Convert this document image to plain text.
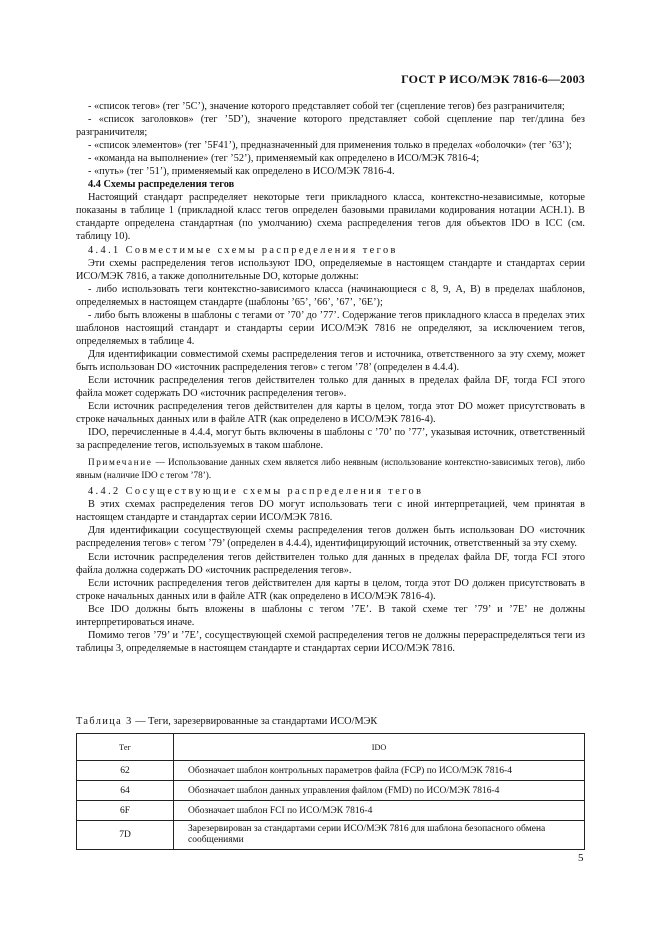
ГОСТ Р ИСО/МЭК 7816-6—2003

- «список тегов» (тег ’5C’), значение которого представляет собой тег (сцепление тегов) без разграничителя;

- «список заголовков» (тег ’5D’), значение которого представляет собой сцепление пар тег/длина без разграничителя;

- «список элементов» (тег ’5F41’), предназначенный для применения только в пределах «оболочки» (тег ’63’);

- «команда на выполнение» (тег ’52’), применяемый как определено в ИСО/МЭК 7816-4;

- «путь» (тег ’51’), применяемый как определено в ИСО/МЭК 7816-4.

4.4 Схемы распределения тегов

Настоящий стандарт распределяет некоторые теги прикладного класса, контекстно-независимые, которые показаны в таблице 1 (прикладной класс тегов определен базовыми правилами кодирования нотации АСН.1). В стандарте определена стандартная (по умолчанию) схема распределения тегов для объектов IDO в ICC (см. таблицу 10).

4.4.1 Совместимые схемы распределения тегов

Эти схемы распределения тегов используют IDO, определяемые в настоящем стандарте и стандартах серии ИСО/МЭК 7816, а также дополнительные DO, которые должны:

- либо использовать теги контекстно-зависимого класса (начинающиеся с 8, 9, A, B) в пределах шаблонов, определяемых в настоящем стандарте (шаблоны ’65’, ’66’, ’67’, ’6E’);

- либо быть вложены в шаблоны с тегами от ’70’ до ’77’. Содержание тегов прикладного класса в пределах этих шаблонов настоящий стандарт и стандарты серии ИСО/МЭК 7816 не определяют, за исключением тегов, определяемых в таблице 4.

Для идентификации совместимой схемы распределения тегов и источника, ответственного за эту схему, может быть использован DO «источник распределения тегов» с тегом ’78’ (определен в 4.4.4).

Если источник распределения тегов действителен только для данных в пределах файла DF, тогда FCI этого файла может содержать DO «источник распределения тегов».

Если источник распределения тегов действителен для карты в целом, тогда этот DO может присутствовать в строке начальных данных или в файле ATR (как определено в ИСО/МЭК 7816-4).

IDO, перечисленные в 4.4.4, могут быть включены в шаблоны с ’70’ по ’77’, указывая источник, ответственный за распределение тегов, используемых в таком шаблоне.

Примечание — Использование данных схем является либо неявным (использование контекстно-зависимых тегов), либо явным (наличие IDO с тегом ’78’).

4.4.2 Сосуществующие схемы распределения тегов

В этих схемах распределения тегов DO могут использовать теги с иной интерпретацией, чем принятая в настоящем стандарте и стандартах серии ИСО/МЭК 7816.

Для идентификации сосуществующей схемы распределения тегов должен быть использован DO «источник распределения тегов» с тегом ’79’ (определен в 4.4.4), идентифицирующий источник, ответственный за эту схему.

Если источник распределения тегов действителен только для данных в пределах файла DF, тогда FCI этого файла должна содержать DO «источник распределения тегов».

Если источник распределения тегов действителен для карты в целом, тогда этот DO должен присутствовать в строке начальных данных или в файле ATR (как определено в ИСО/МЭК 7816-4).

Все IDO должны быть вложены в шаблоны с тегом ’7E’. В такой схеме тег ’79’ и ’7E’ не должны интерпретироваться иначе.

Помимо тегов ’79’ и ’7E’, сосуществующей схемой распределения тегов не должны перераспределяться теги из таблицы 3, определяемые в настоящем стандарте и стандартах серии ИСО/МЭК 7816.

Таблица 3 — Теги, зарезервированные за стандартами ИСО/МЭК
Тег	IDO
62	Обозначает шаблон контрольных параметров файла (FCP) по ИСО/МЭК 7816-4
64	Обозначает шаблон данных управления файлом (FMD) по ИСО/МЭК 7816-4
6F	Обозначает шаблон FCI по ИСО/МЭК 7816-4
7D	Зарезервирован за стандартами серии ИСО/МЭК 7816 для шаблона безопасного обмена сообщениями
5
